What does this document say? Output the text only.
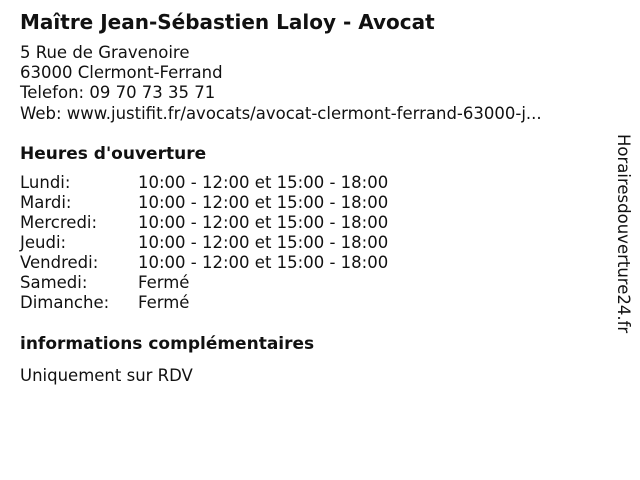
Maître Jean-Sébastien Laloy - Avocat
5 Rue de Gravenoire
63000 Clermont-Ferrand
Telefon: 09 70 73 35 71
Web: www.justifit.fr/avocats/avocat-clermont-ferrand-63000-j...
Heures d'ouverture
Lundi:	10:00 - 12:00 et 15:00 - 18:00
Mardi:	10:00 - 12:00 et 15:00 - 18:00
Mercredi:	10:00 - 12:00 et 15:00 - 18:00
Jeudi:	10:00 - 12:00 et 15:00 - 18:00
Vendredi:	10:00 - 12:00 et 15:00 - 18:00
Samedi:	Fermé
Dimanche:	Fermé
informations complémentaires
Uniquement sur RDV
Horairesdouverture24.fr
